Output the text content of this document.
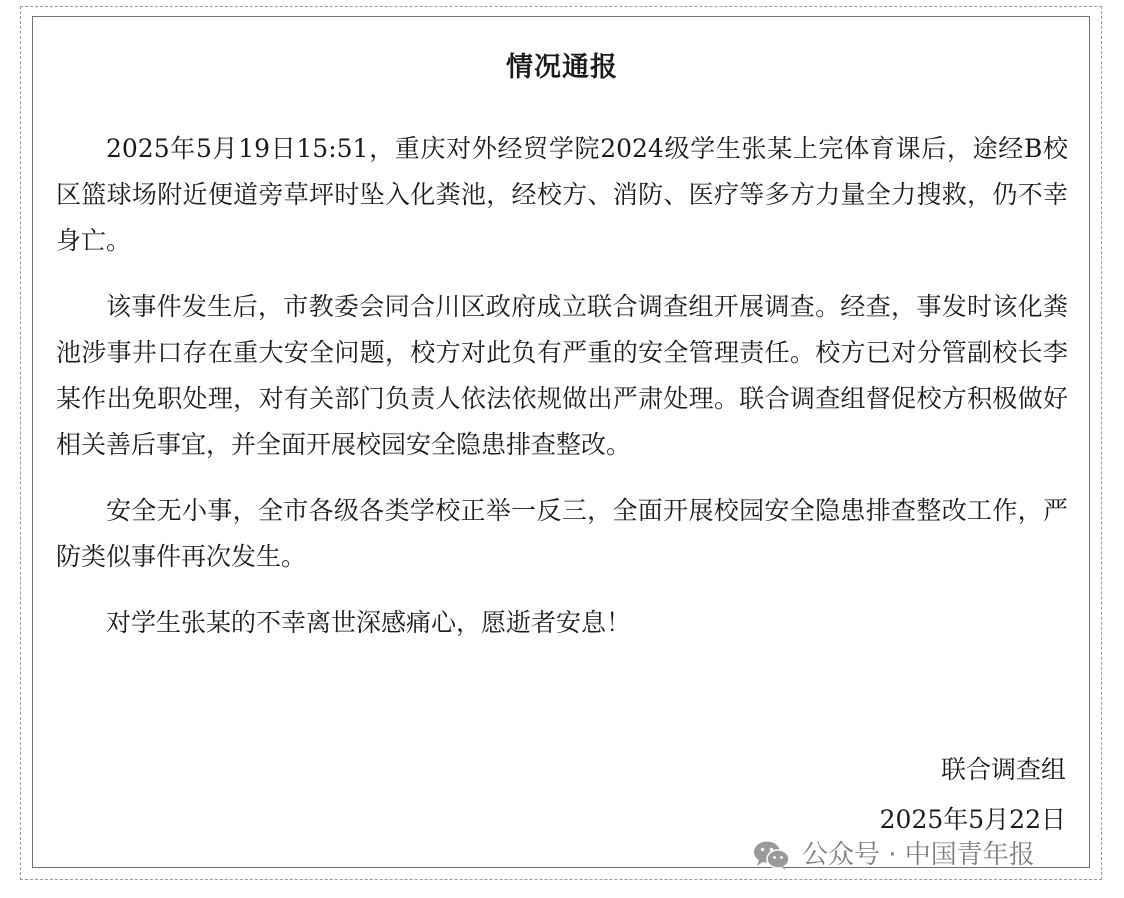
情况通报

2025年5月19日15:51，重庆对外经贸学院2024级学生张某上完体育课后，途经B校区篮球场附近便道旁草坪时坠入化粪池，经校方、消防、医疗等多方力量全力搜救，仍不幸身亡。

该事件发生后，市教委会同合川区政府成立联合调查组开展调查。经查，事发时该化粪池涉事井口存在重大安全问题，校方对此负有严重的安全管理责任。校方已对分管副校长李某作出免职处理，对有关部门负责人依法依规做出严肃处理。联合调查组督促校方积极做好相关善后事宜，并全面开展校园安全隐患排查整改。

安全无小事，全市各级各类学校正举一反三，全面开展校园安全隐患排查整改工作，严防类似事件再次发生。

对学生张某的不幸离世深感痛心，愿逝者安息！

联合调查组
2025年5月22日
公众号 · 中国青年报
